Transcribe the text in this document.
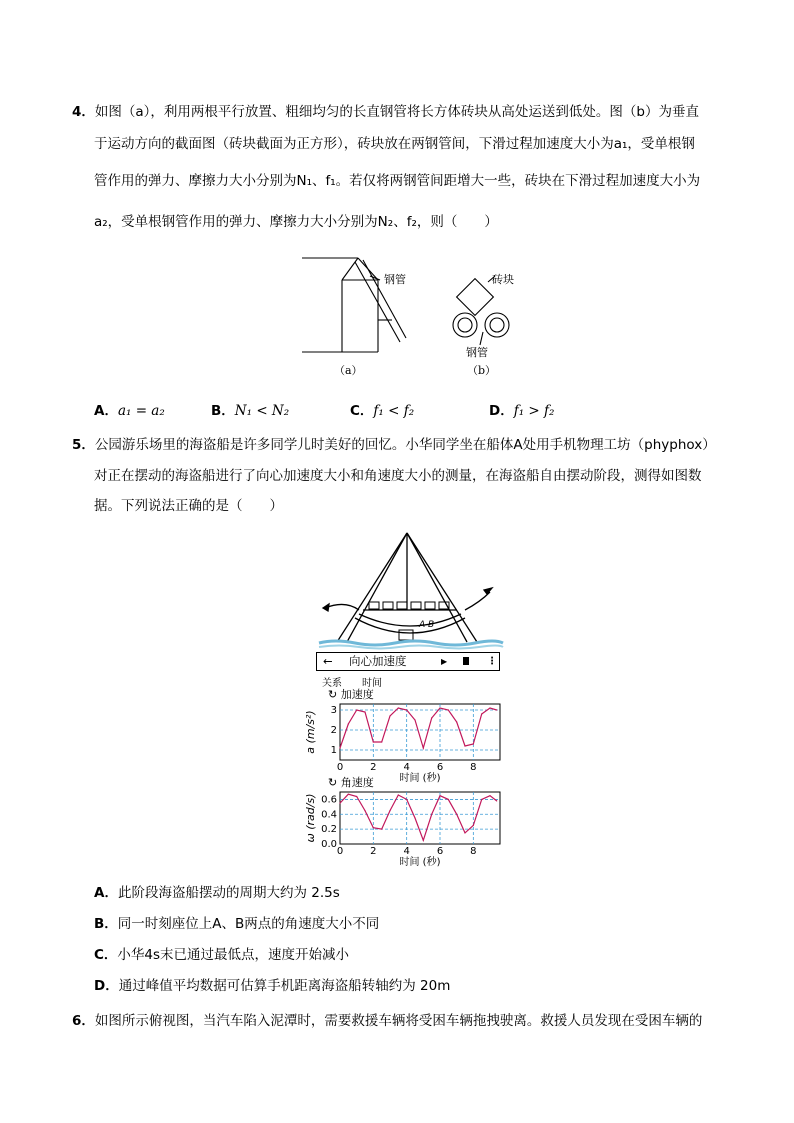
4．如图（a），利用两根平行放置、粗细均匀的长直钢管将长方体砖块从高处运送到低处。图（b）为垂直
于运动方向的截面图（砖块截面为正方形），砖块放在两钢管间，下滑过程加速度大小为a₁，受单根钢
管作用的弹力、摩擦力大小分别为N₁、f₁。若仅将两钢管间距增大一些，砖块在下滑过程加速度大小为
a₂，受单根钢管作用的弹力、摩擦力大小分别为N₂、f₂，则（　　）
钢管	砖块
钢管
（a）	（b）
A．a₁ = a₂	B．N₁ < N₂	C．f₁ < f₂	D．f₁ > f₂
5．公园游乐场里的海盗船是许多同学儿时美好的回忆。小华同学坐在船体A处用手机物理工坊（phyphox）
对正在摆动的海盗船进行了向心加速度大小和角速度大小的测量，在海盗船自由摆动阶段，测得如图数
据。下列说法正确的是（　　）
A B
← 向心加速度	▶	⋮
关系 时间
↻ 加速度
0	2	4	6	8
1
2
3
a (m/s²)
时间 (秒)
↻ 角速度
0	2	4	6	8
0.0
0.2
0.4
0.6
ω (rad/s)
时间 (秒)
A．此阶段海盗船摆动的周期大约为 2.5s
B．同一时刻座位上A、B两点的角速度大小不同
C．小华4s末已通过最低点，速度开始减小
D．通过峰值平均数据可估算手机距离海盗船转轴约为 20m
6．如图所示俯视图，当汽车陷入泥潭时，需要救援车辆将受困车辆拖拽驶离。救援人员发现在受困车辆的
